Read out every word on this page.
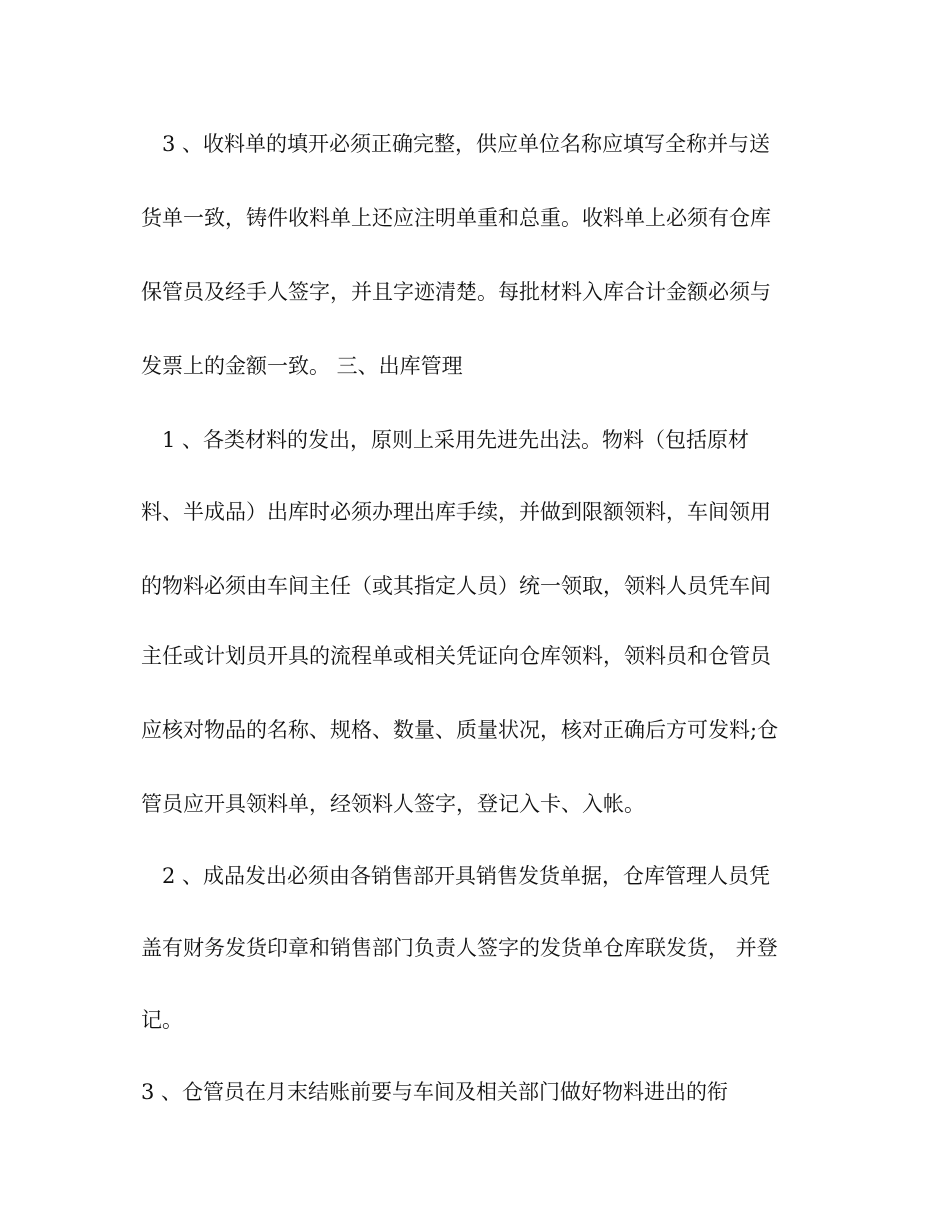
3 、收料单的填开必须正确完整，供应单位名称应填写全称并与送
货单一致，铸件收料单上还应注明单重和总重。收料单上必须有仓库
保管员及经手人签字，并且字迹清楚。每批材料入库合计金额必须与
发票上的金额一致。 三、出库管理
1 、各类材料的发出，原则上采用先进先出法。物料（包括原材
料、半成品）出库时必须办理出库手续，并做到限额领料，车间领用
的物料必须由车间主任（或其指定人员）统一领取，领料人员凭车间
主任或计划员开具的流程单或相关凭证向仓库领料，领料员和仓管员
应核对物品的名称、规格、数量、质量状况，核对正确后方可发料;仓
管员应开具领料单，经领料人签字，登记入卡、入帐。
2 、成品发出必须由各销售部开具销售发货单据，仓库管理人员凭
盖有财务发货印章和销售部门负责人签字的发货单仓库联发货， 并登
记。
3 、仓管员在月末结账前要与车间及相关部门做好物料进出的衔
